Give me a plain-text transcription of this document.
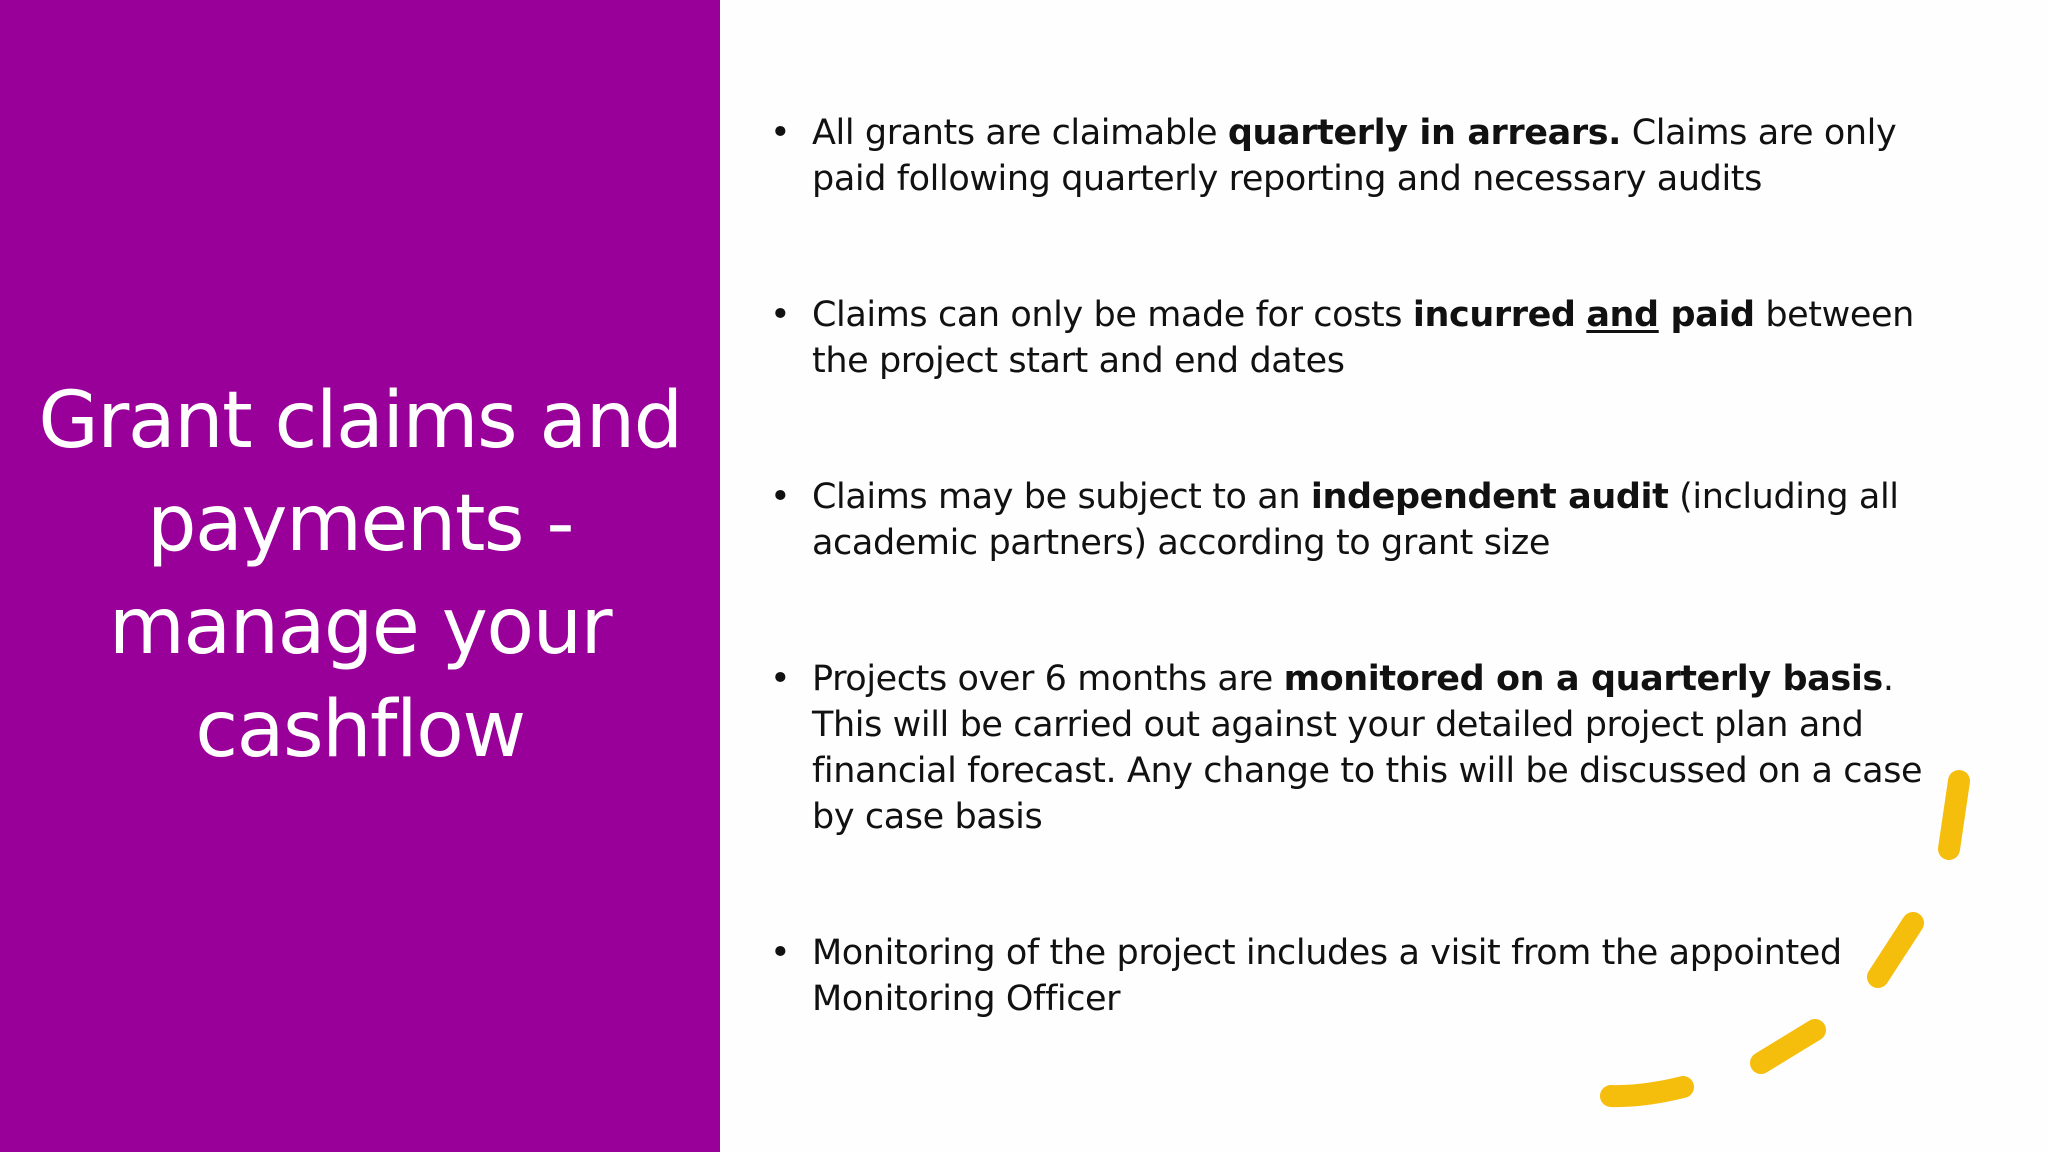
Grant claims and payments - manage your cashflow
• All grants are claimable quarterly in arrears. Claims are only paid following quarterly reporting and necessary audits
• Claims can only be made for costs incurred and paid between the project start and end dates
• Claims may be subject to an independent audit (including all academic partners) according to grant size
• Projects over 6 months are monitored on a quarterly basis. This will be carried out against your detailed project plan and financial forecast. Any change to this will be discussed on a case by case basis
• Monitoring of the project includes a visit from the appointed Monitoring Officer
